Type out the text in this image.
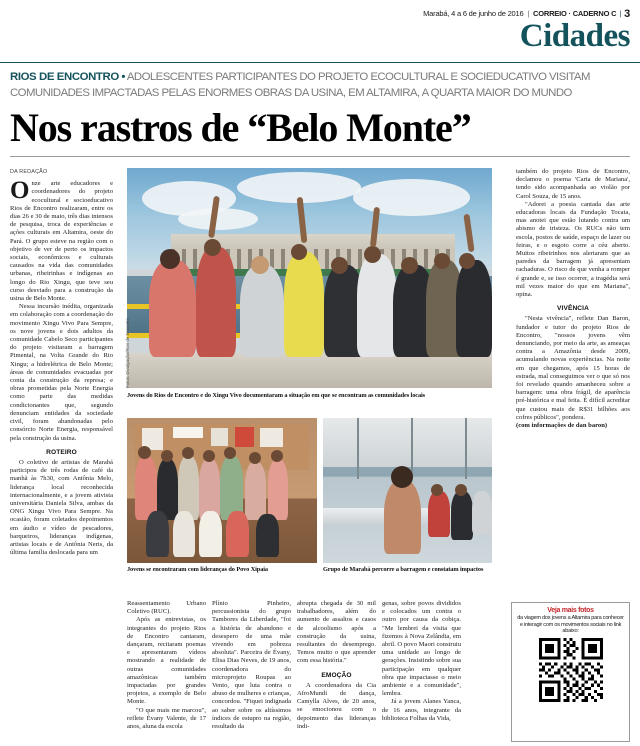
Marabá, 4 a 6 de junho de 2016 | CORREIO · CADERNO C | 3
Cidades
RIOS DE ENCONTRO • ADOLESCENTES PARTICIPANTES DO PROJETO ECOCULTURAL E SOCIEDUCATIVO VISITAM COMUNIDADES IMPACTADAS PELAS ENORMES OBRAS DA USINA, EM ALTAMIRA, A QUARTA MAIOR DO MUNDO
Nos rastros de “Belo Monte”
DA REDAÇÃO

Onze arte educadores e coordenadores do projeto ecocultural e socioeducativo Rios de Encontro realizaram, entre os dias 26 e 30 de maio, três dias intensos de pesquisa, troca de experiências e ações culturais em Altamira, oeste do Pará. O grupo esteve na região com o objetivo de ver de perto os impactos sociais, econômicos e culturais causados na vida das comunidades urbanas, ribeirinhas e indígenas ao longo do Rio Xingu, que teve seu curso desviado para a construção da usina de Belo Monte.

Nessa incursão inédita, organizada em colaboração com a coordenação do movimento Xingu Vivo Para Sempre, os nove jovens e dois adultos da comunidade Cabelo Seco participantes do projeto visitaram a barragem Pimental, na Volta Grande do Rio Xingu; a hidrelétrica de Belo Monte; áreas de comunidades evacuadas por conta da construção da represa; e obras prometidas pela Norte Energia como parte das medidas condicionantes que, segundo denunciam entidades da sociedade civil, foram abandonadas pelo consórcio Norte Energia, responsável pela construção da usina.

ROTEIRO

O coletivo de artistas de Marabá participou de três rodas de café da manhã às 7h30, com Antônia Melo, liderança local reconhecida internacionalmente, e a jovem ativista universitária Daniela Silva, ambas da ONG Xingu Vivo Para Sempre. Na ocasião, foram coletados depoimentos em áudio e vídeo de pescadores, barqueiros, lideranças indígenas, artistas locais e de Antônia Neris, da última família deslocada para um

Fotos: Divulgação/Rios de Encontro
Jovens do Rios de Encontro e do Xingu Vivo documentaram a situação em que se encontram as comunidades locais
Jovens se encontraram com lideranças do Povo Xipaia	Grupo de Marabá percorre a barragem e constatam impactos

também do projeto Rios de Encontro, declamou o poema 'Carta de Mariana', tendo sido acompanhada ao violão por Carol Souza, de 15 anos.

"Adorei a poesia cantada das arte educadoras locais da Fundação Tocaia, mas anotei que estão lutando contra um abismo de tristeza. Os RUCs não tem escola, postos de saúde, espaço de lazer ou feiras, e o esgoto corre a céu aberto. Muitos ribeirinhos nos alertaram que as paredes da barragem já apresentam rachaduras. O risco de que venha a romper é grande e, se isso ocorrer, a tragédia será mil vezes maior do que em Mariana", opina.

VIVÊNCIA

"Nesta vivência", reflete Dan Baron, fundador e tutor do projeto Rios de Encontro, "nossos jovens vêm denunciando, por meio da arte, as ameaças contra a Amazônia desde 2009, acumulando novas experiências. Na noite em que chegamos, após 15 horas de estrada, mal conseguimos ver o que só nos foi revelado quando amanheceu sobre a barragem: uma obra frágil, de aparência pré-histórica e mal feita. É difícil acreditar que custou mais de R$31 bilhões aos cofres públicos", pondera.

(com informações de dan baron)

Reassentamento Urbano Coletivo (RUC).

Após as entrevistas, os integrantes do projeto Rios de Encontro cantaram, dançaram, recitaram poemas e apresentaram vídeos mostrando a realidade de outras comunidades amazônicas também impactadas por grandes projetos, a exemplo de Belo Monte.

"O que mais me marcou", reflete Évany Valente, de 17 anos, aluna da escola

Plínio Pinheiro, percussionista do grupo Tambores da Liberdade, "foi a história de abandono e desespero de uma mãe vivendo em pobreza absoluta". Parceira de Évany, Elisa Dias Neves, de 19 anos, coordenadora do microprojeto Roupas ao Vento, que luta contra o abuso de mulheres e crianças, concordou. "Fiquei indignada ao saber sobre os altíssimos índices de estupro na região, resultado da

abrupta chegada de 30 mil trabalhadores, além do aumento de assaltos e casos de alcoolismo após a construção da usina, resultantes do desemprego. Temos muito o que aprender com essa história."

EMOÇÃO

A coordenadora da Cia AfroMundi de dança, Camylla Alves, de 20 anos, se emocionou com o depoimento das lideranças indi-

genas, sobre povos divididos e colocados um contra o outro por causa da cobiça. "Me lembrei da visita que fizemos à Nova Zelândia, em abril. O povo Maori construiu uma unidade ao longo de gerações. Insistindo sobre sua participação em qualquer obra que impactasse o meio ambiente e a comunidade", lembra.

Já a jovem Alanes Yanca, de 16 anos, integrante da biblioteca Folhas da Vida,

Veja mais fotos
da viagem dos jovens a Altamira para conhecer e interagir com os movimentos sociais no link abaixo:
